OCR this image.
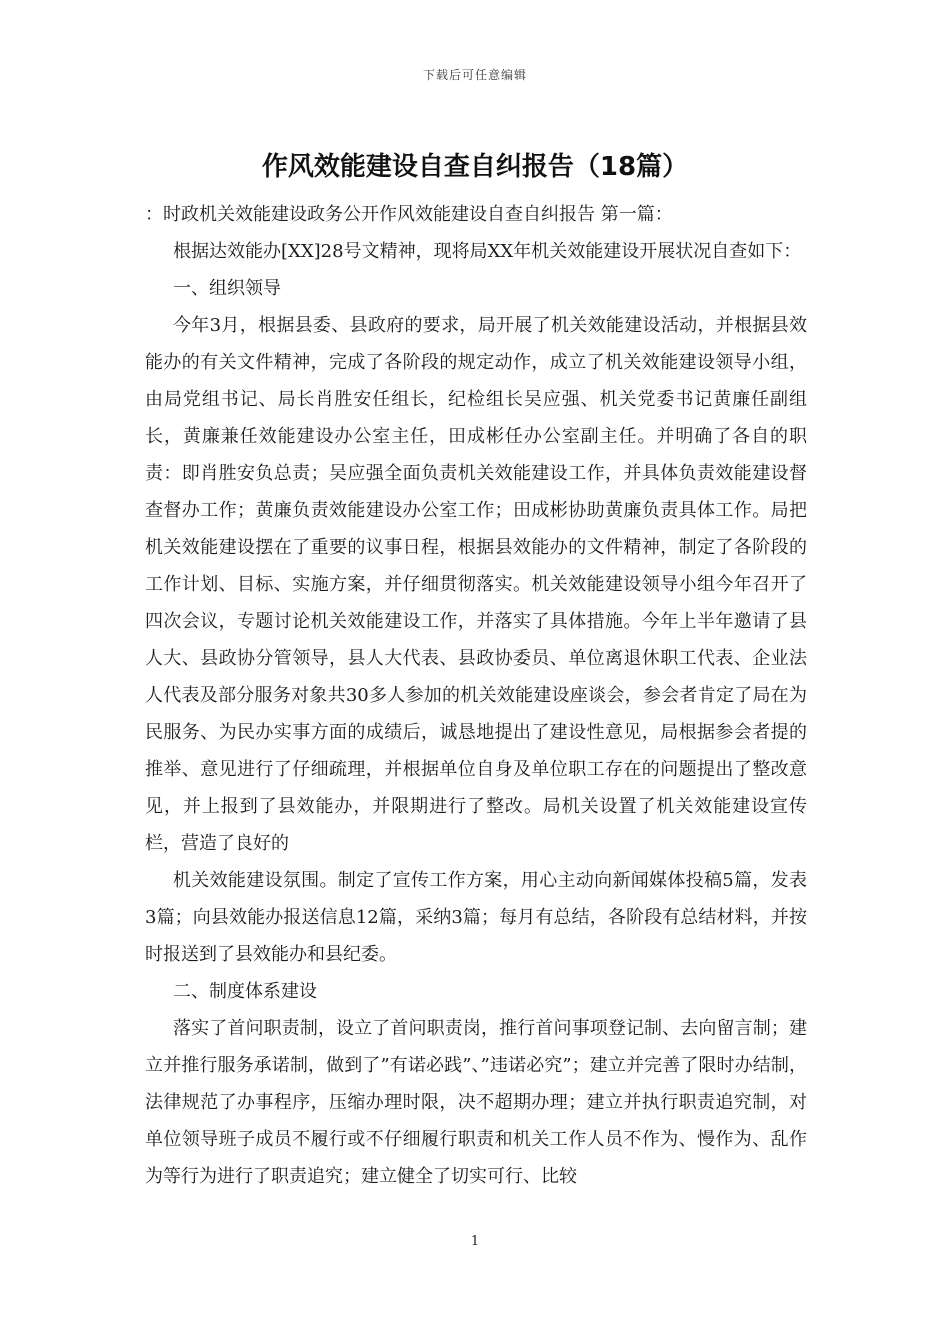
下载后可任意编辑
作风效能建设自查自纠报告（18篇）

：时政机关效能建设政务公开作风效能建设自查自纠报告 第一篇：

根据达效能办[XX]28号文精神，现将局XX年机关效能建设开展状况自查如下：

一、组织领导

今年3月，根据县委、县政府的要求，局开展了机关效能建设活动，并根据县效能办的有关文件精神，完成了各阶段的规定动作，成立了机关效能建设领导小组，由局党组书记、局长肖胜安任组长，纪检组长吴应强、机关党委书记黄廉任副组长，黄廉兼任效能建设办公室主任，田成彬任办公室副主任。并明确了各自的职责：即肖胜安负总责；吴应强全面负责机关效能建设工作，并具体负责效能建设督查督办工作；黄廉负责效能建设办公室工作；田成彬协助黄廉负责具体工作。局把机关效能建设摆在了重要的议事日程，根据县效能办的文件精神，制定了各阶段的工作计划、目标、实施方案，并仔细贯彻落实。机关效能建设领导小组今年召开了四次会议，专题讨论机关效能建设工作，并落实了具体措施。今年上半年邀请了县人大、县政协分管领导，县人大代表、县政协委员、单位离退休职工代表、企业法人代表及部分服务对象共30多人参加的机关效能建设座谈会，参会者肯定了局在为民服务、为民办实事方面的成绩后，诚恳地提出了建设性意见，局根据参会者提的推举、意见进行了仔细疏理，并根据单位自身及单位职工存在的问题提出了整改意见，并上报到了县效能办，并限期进行了整改。局机关设置了机关效能建设宣传栏，营造了良好的

机关效能建设氛围。制定了宣传工作方案，用心主动向新闻媒体投稿5篇，发表3篇；向县效能办报送信息12篇，采纳3篇；每月有总结，各阶段有总结材料，并按时报送到了县效能办和县纪委。

二、制度体系建设

落实了首问职责制，设立了首问职责岗，推行首问事项登记制、去向留言制；建立并推行服务承诺制，做到了”有诺必践”、”违诺必究”；建立并完善了限时办结制，法律规范了办事程序，压缩办理时限，决不超期办理；建立并执行职责追究制，对单位领导班子成员不履行或不仔细履行职责和机关工作人员不作为、慢作为、乱作为等行为进行了职责追究；建立健全了切实可行、比较

1
